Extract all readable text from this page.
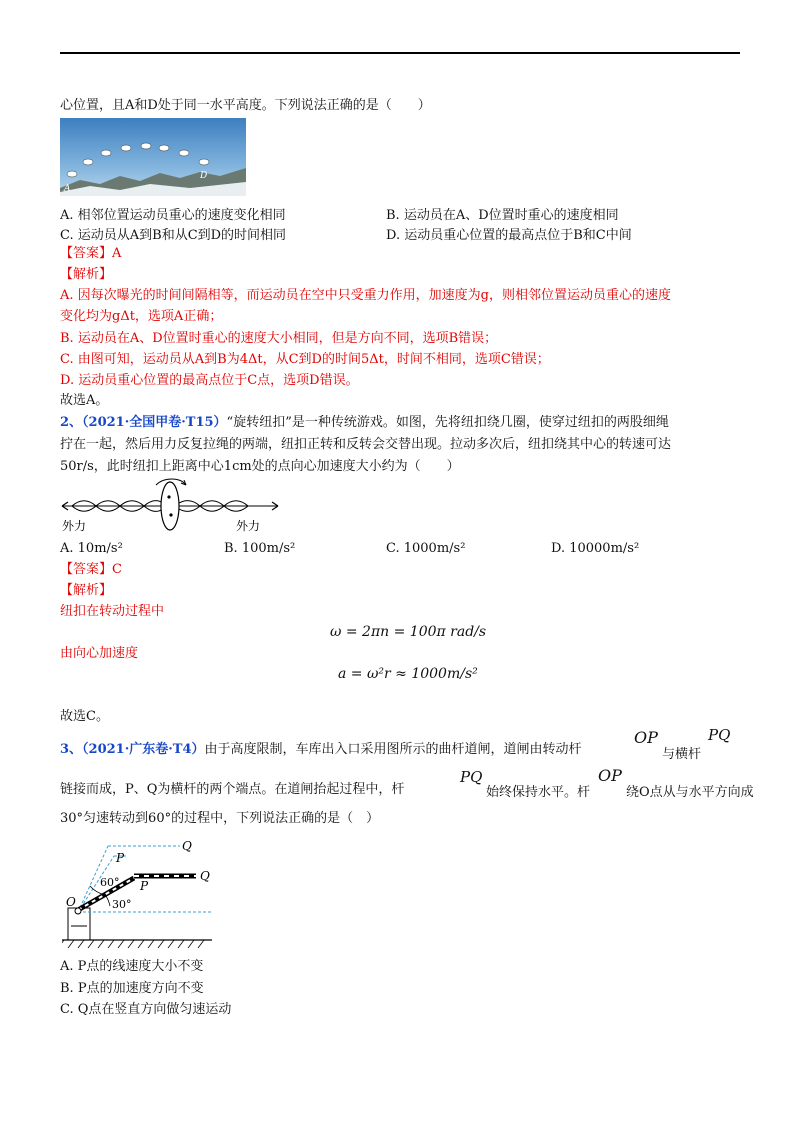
心位置，且A和D处于同一水平高度。下列说法正确的是（　　）
A
D
A. 相邻位置运动员重心的速度变化相同	B. 运动员在A、D位置时重心的速度相同
C. 运动员从A到B和从C到D的时间相同	D. 运动员重心位置的最高点位于B和C中间
【答案】A
【解析】
A. 因每次曝光的时间间隔相等，而运动员在空中只受重力作用，加速度为g，则相邻位置运动员重心的速度
变化均为gΔt，选项A正确；
B. 运动员在A、D位置时重心的速度大小相同，但是方向不同，选项B错误；
C. 由图可知，运动员从A到B为4Δt，从C到D的时间5Δt，时间不相同，选项C错误；
D. 运动员重心位置的最高点位于C点，选项D错误。
故选A。
2、（2021·全国甲卷·T15）“旋转纽扣”是一种传统游戏。如图，先将纽扣绕几圈，使穿过纽扣的两股细绳
拧在一起，然后用力反复拉绳的两端，纽扣正转和反转会交替出现。拉动多次后，纽扣绕其中心的转速可达
50r/s，此时纽扣上距离中心1cm处的点向心加速度大小约为（　　）
外力	外力
A. 10m/s²	B. 100m/s²	C. 1000m/s²	D. 10000m/s²
【答案】C
【解析】
纽扣在转动过程中
ω = 2πn = 100π rad/s
由向心加速度
a = ω²r ≈ 1000m/s²
故选C。
3、（2021·广东卷·T4）由于高度限制，车库出入口采用图所示的曲杆道闸，道闸由转动杆
OP
与横杆
PQ
链接而成，P、Q为横杆的两个端点。在道闸抬起过程中，杆
PQ
始终保持水平。杆
OP
绕O点从与水平方向成
30°匀速转动到60°的过程中，下列说法正确的是（　）
Q
P
60° P
Q
O	30°
A. P点的线速度大小不变
B. P点的加速度方向不变
C. Q点在竖直方向做匀速运动
